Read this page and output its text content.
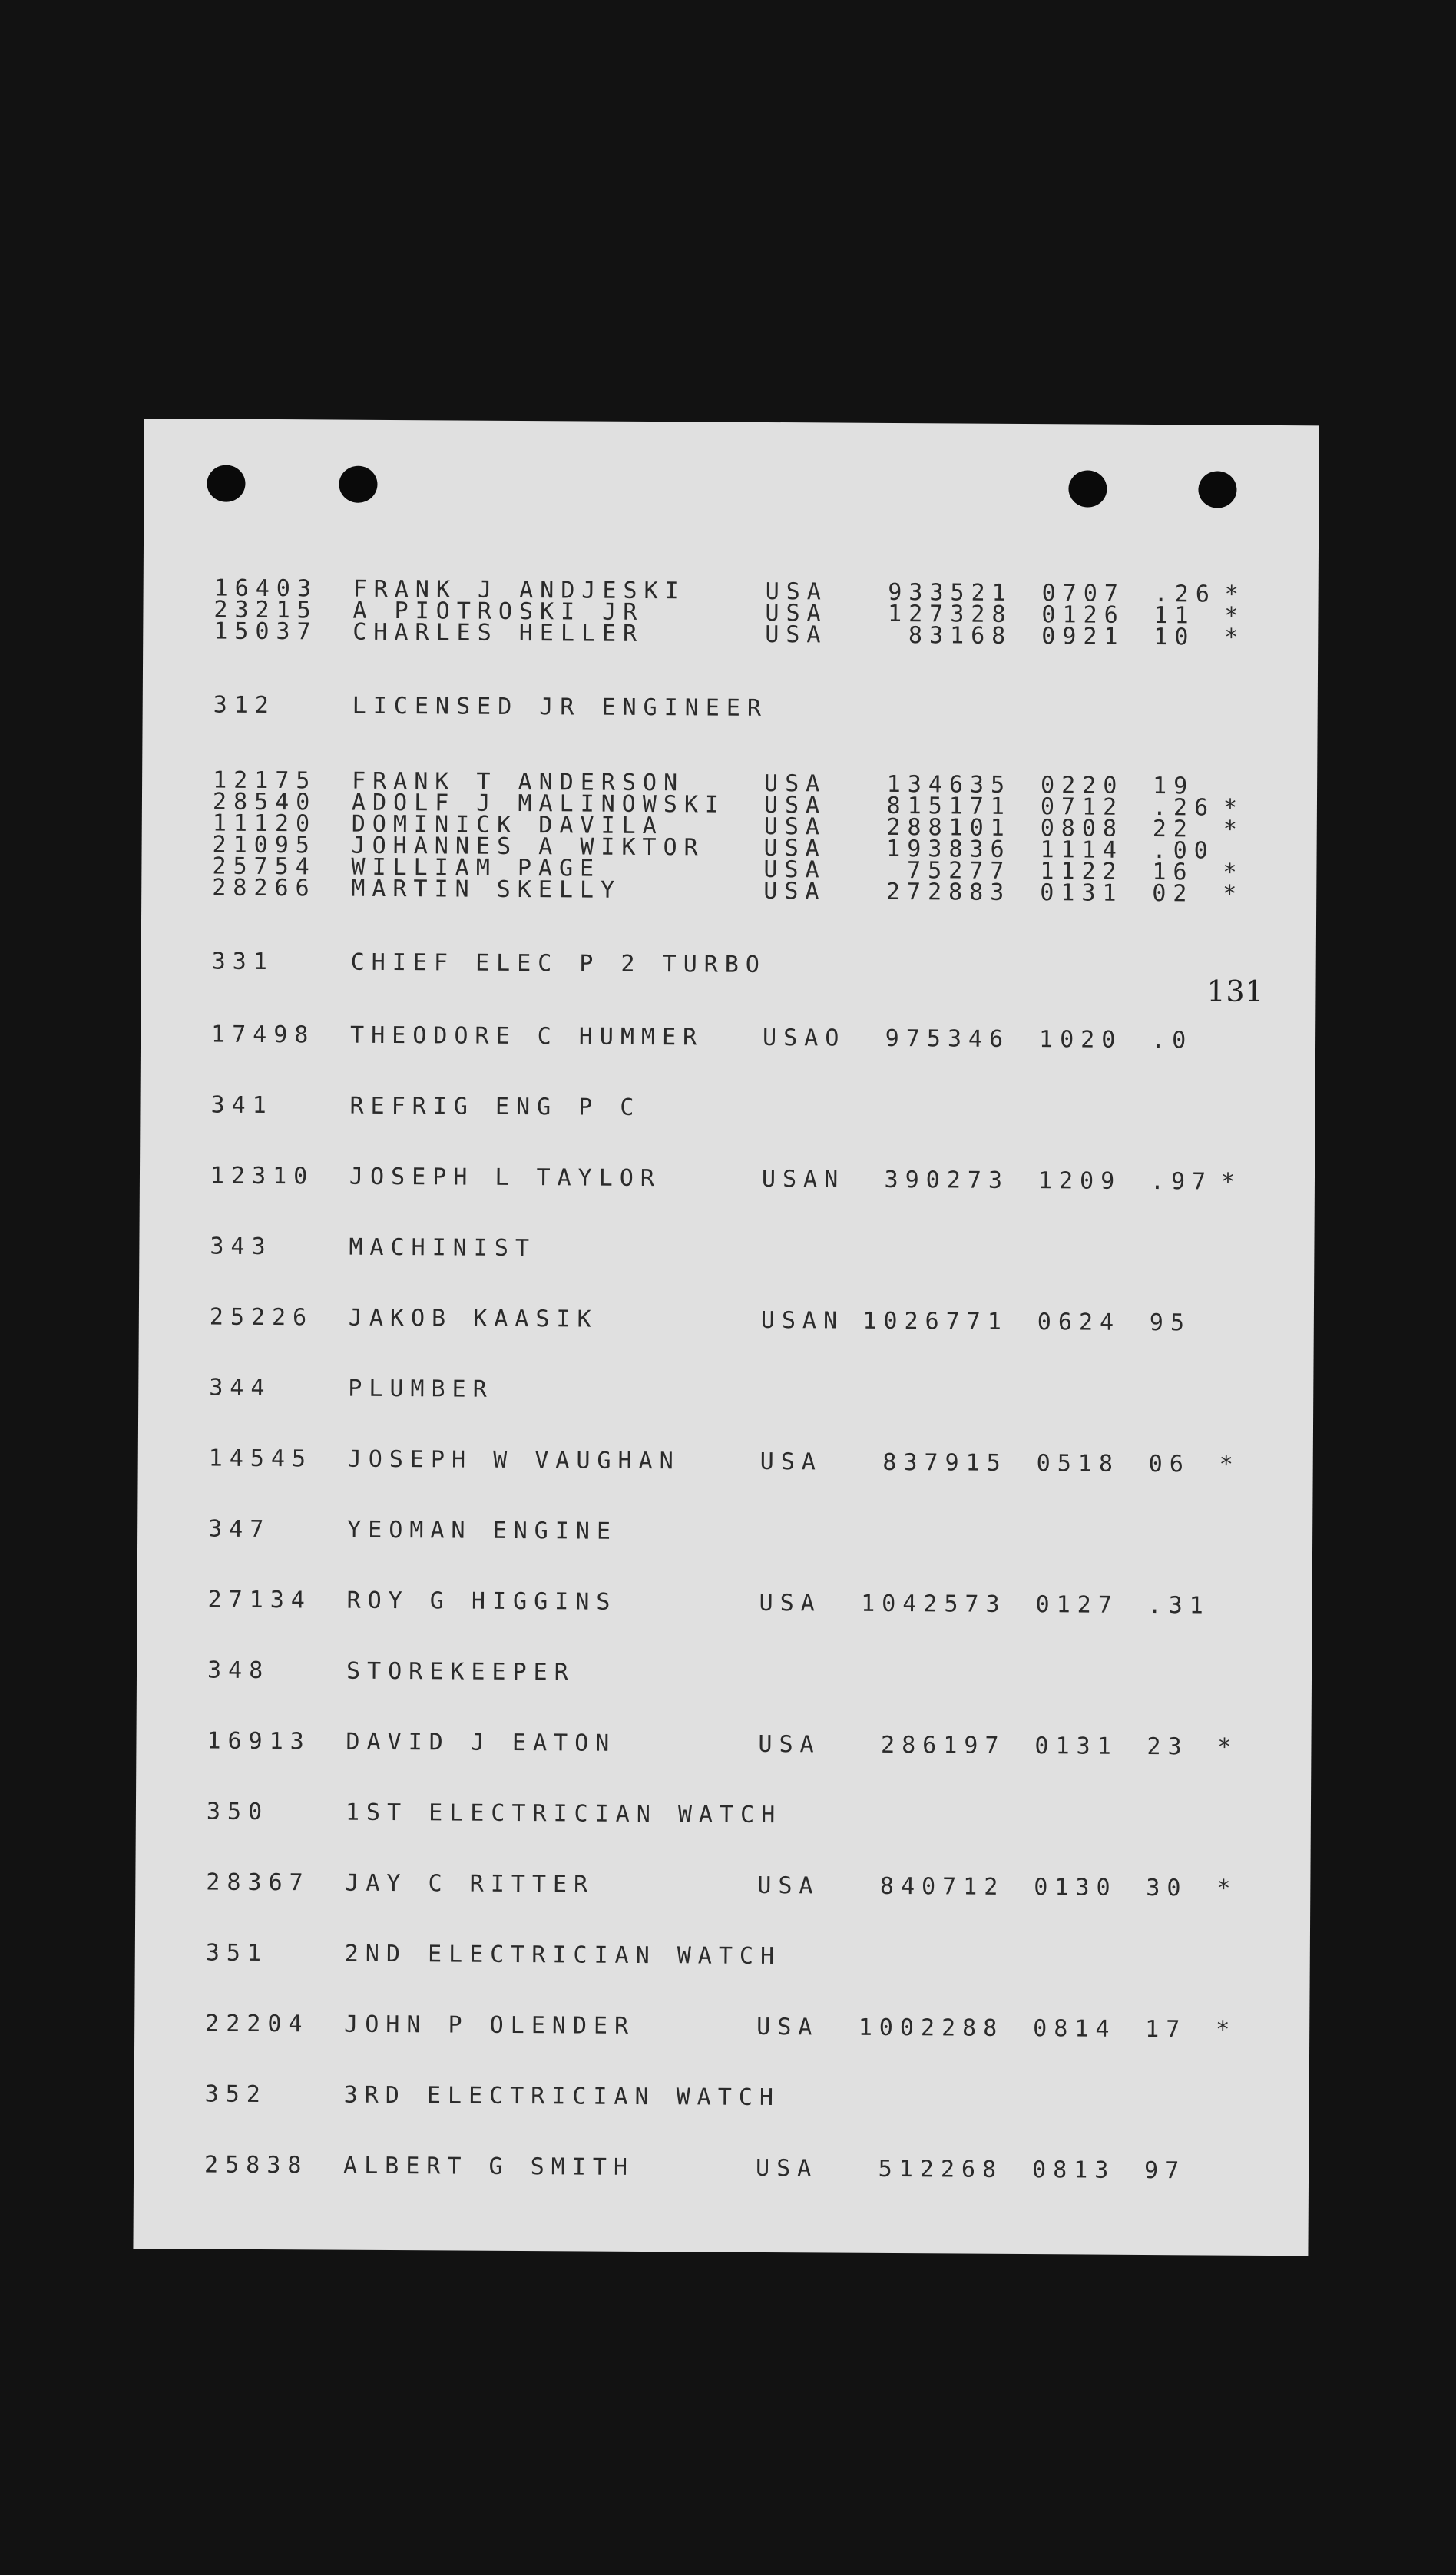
131
16403 FRANK J ANDJESKI	USA	933521 0707 .26 *
23215 A PIOTROSKI JR	USA	127328 0126 11 *
15037 CHARLES HELLER	USA	83168 0921 10 *
312	LICENSED JR ENGINEER
12175 FRANK T ANDERSON	USA	134635 0220 19
28540 ADOLF J MALINOWSKI USA	815171 0712 .26 *
11120 DOMINICK DAVILA	USA	288101 0808 22 *
21095 JOHANNES A WIKTOR	USA	193836 1114 .00
25754 WILLIAM PAGE	USA	75277 1122 16 *
28266 MARTIN SKELLY	USA	272883 0131 02 *
331	CHIEF ELEC P 2 TURBO
17498 THEODORE C HUMMER	USAO	975346 1020 .0
341	REFRIG ENG P C
12310 JOSEPH L TAYLOR	USAN	390273 1209 .97 *
343	MACHINIST
25226 JAKOB KAASIK	USAN 1026771 0624 95
344	PLUMBER
14545 JOSEPH W VAUGHAN	USA	837915 0518 06 *
347	YEOMAN ENGINE
27134 ROY G HIGGINS	USA	1042573 0127 .31
348	STOREKEEPER
16913 DAVID J EATON	USA	286197 0131 23 *
350	1ST ELECTRICIAN WATCH
28367 JAY C RITTER	USA	840712 0130 30 *
351	2ND ELECTRICIAN WATCH
22204 JOHN P OLENDER	USA	1002288 0814 17 *
352	3RD ELECTRICIAN WATCH
25838 ALBERT G SMITH	USA	512268 0813 97
